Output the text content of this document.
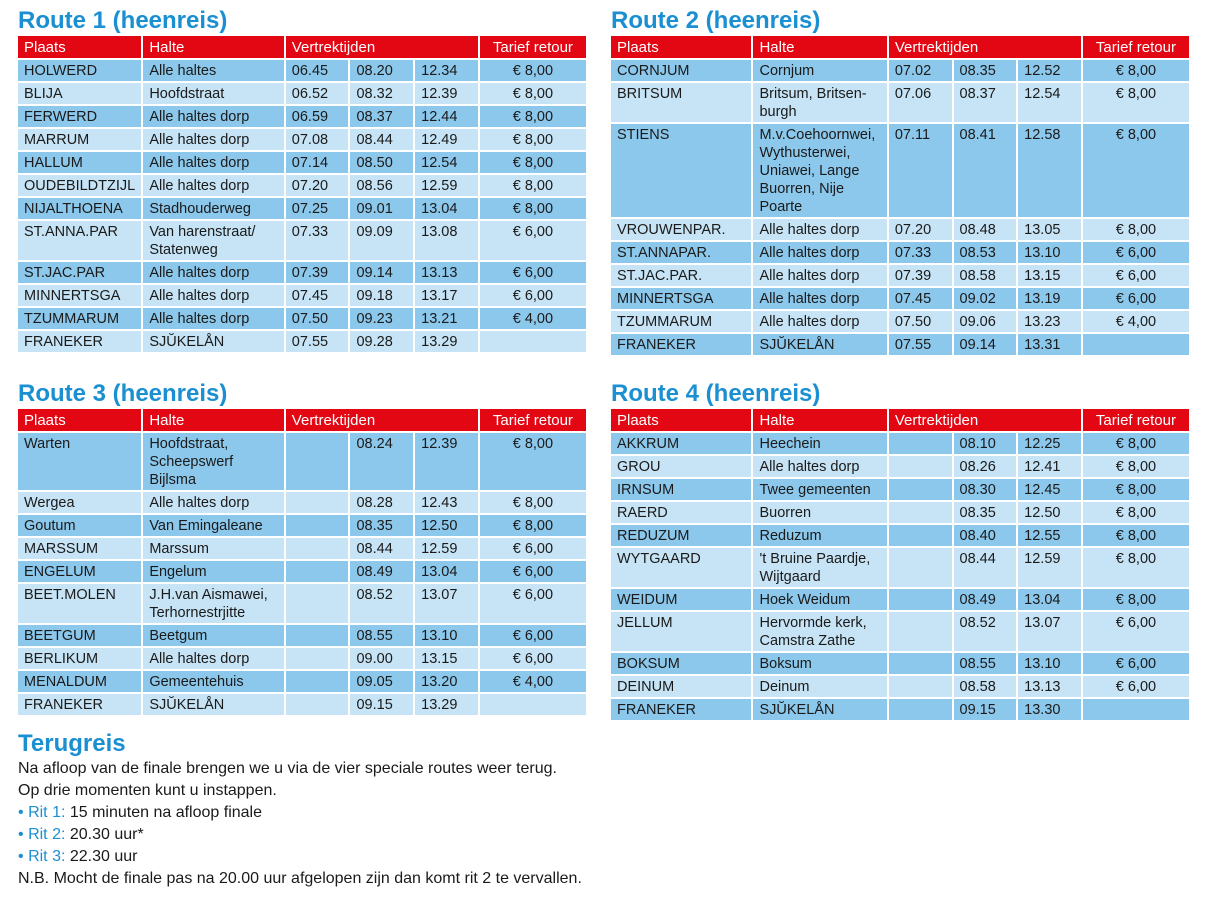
Route 1 (heenreis)
Plaats	Halte	Vertrektijden			Tarief retour
HOLWERD	Alle haltes	06.45	08.20	12.34	€ 8,00
BLIJA	Hoofdstraat	06.52	08.32	12.39	€ 8,00
FERWERD	Alle haltes dorp	06.59	08.37	12.44	€ 8,00
MARRUM	Alle haltes dorp	07.08	08.44	12.49	€ 8,00
HALLUM	Alle haltes dorp	07.14	08.50	12.54	€ 8,00
OUDEBILDTZIJL	Alle haltes dorp	07.20	08.56	12.59	€ 8,00
NIJALTHOENA	Stadhouderweg	07.25	09.01	13.04	€ 8,00
ST.ANNA.PAR	Van harenstraat/ Statenweg	07.33	09.09	13.08	€ 6,00
ST.JAC.PAR	Alle haltes dorp	07.39	09.14	13.13	€ 6,00
MINNERTSGA	Alle haltes dorp	07.45	09.18	13.17	€ 6,00
TZUMMARUM	Alle haltes dorp	07.50	09.23	13.21	€ 4,00
FRANEKER	SJŬKELÅN	07.55	09.28	13.29	
Route 2 (heenreis)
Plaats	Halte	Vertrektijden			Tarief retour
CORNJUM	Cornjum	07.02	08.35	12.52	€ 8,00
BRITSUM	Britsum, Britsen-burgh	07.06	08.37	12.54	€ 8,00
STIENS	M.v.Coehoornwei, Wythusterwei, Uniawei, Lange Buorren, Nije Poarte	07.11	08.41	12.58	€ 8,00
VROUWENPAR.	Alle haltes dorp	07.20	08.48	13.05	€ 8,00
ST.ANNAPAR.	Alle haltes dorp	07.33	08.53	13.10	€ 6,00
ST.JAC.PAR.	Alle haltes dorp	07.39	08.58	13.15	€ 6,00
MINNERTSGA	Alle haltes dorp	07.45	09.02	13.19	€ 6,00
TZUMMARUM	Alle haltes dorp	07.50	09.06	13.23	€ 4,00
FRANEKER	SJŬKELÅN	07.55	09.14	13.31	
Route 3 (heenreis)
Plaats	Halte	Vertrektijden			Tarief retour
Warten	Hoofdstraat, Scheepswerf Bijlsma		08.24	12.39	€ 8,00
Wergea	Alle haltes dorp		08.28	12.43	€ 8,00
Goutum	Van Emingaleane		08.35	12.50	€ 8,00
MARSSUM	Marssum		08.44	12.59	€ 6,00
ENGELUM	Engelum		08.49	13.04	€ 6,00
BEET.MOLEN	J.H.van Aismawei, Terhornestrjitte		08.52	13.07	€ 6,00
BEETGUM	Beetgum		08.55	13.10	€ 6,00
BERLIKUM	Alle haltes dorp		09.00	13.15	€ 6,00
MENALDUM	Gemeentehuis		09.05	13.20	€ 4,00
FRANEKER	SJŬKELÅN		09.15	13.29	
Route 4 (heenreis)
Plaats	Halte	Vertrektijden			Tarief retour
AKKRUM	Heechein		08.10	12.25	€ 8,00
GROU	Alle haltes dorp		08.26	12.41	€ 8,00
IRNSUM	Twee gemeenten		08.30	12.45	€ 8,00
RAERD	Buorren		08.35	12.50	€ 8,00
REDUZUM	Reduzum		08.40	12.55	€ 8,00
WYTGAARD	't Bruine Paardje, Wijtgaard		08.44	12.59	€ 8,00
WEIDUM	Hoek Weidum		08.49	13.04	€ 8,00
JELLUM	Hervormde kerk, Camstra Zathe		08.52	13.07	€ 6,00
BOKSUM	Boksum		08.55	13.10	€ 6,00
DEINUM	Deinum		08.58	13.13	€ 6,00
FRANEKER	SJŬKELÅN		09.15	13.30	
Terugreis

Na afloop van de finale brengen we u via de vier speciale routes weer terug.

Op drie momenten kunt u instappen.

• Rit 1: 15 minuten na afloop finale

• Rit 2: 20.30 uur*

• Rit 3: 22.30 uur

N.B. Mocht de finale pas na 20.00 uur afgelopen zijn dan komt rit 2 te vervallen.
